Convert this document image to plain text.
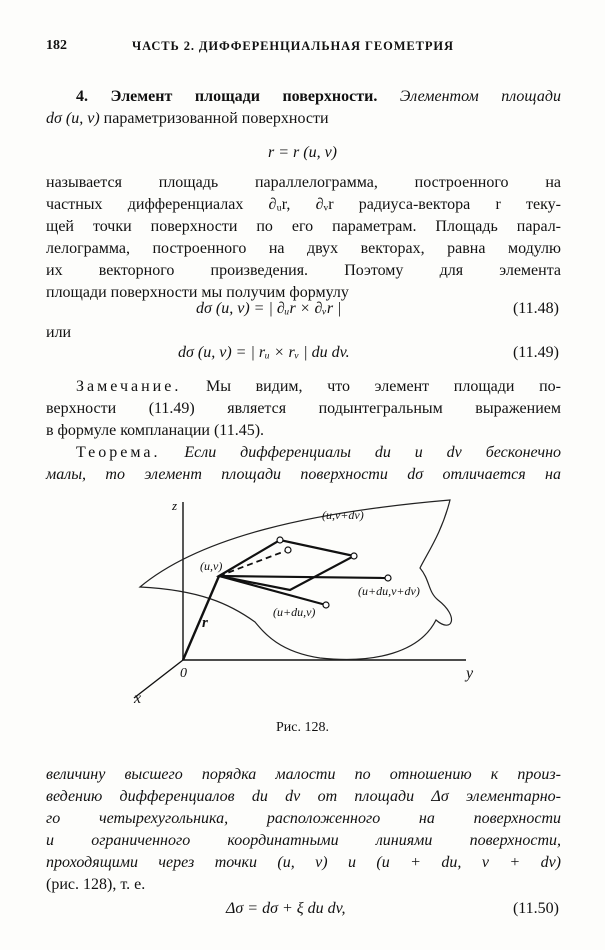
182	ЧАСТЬ 2. ДИФФЕРЕНЦИАЛЬНАЯ ГЕОМЕТРИЯ
4. Элемент площади поверхности. Элементом площади
dσ (u, v) параметризованной поверхности
r = r (u, v)
называется площадь параллелограмма, построенного на
частных дифференциалах ∂ᵤr, ∂ᵥr радиуса-вектора r теку-
щей точки поверхности по его параметрам. Площадь парал-
лелограмма, построенного на двух векторах, равна модулю
их векторного произведения. Поэтому для элемента
площади поверхности мы получим формулу
dσ (u, v) = | ∂ᵤr × ∂ᵥr |	(11.48)
или
dσ (u, v) = | rᵤ × rᵥ | du dv.	(11.49)
Замечание. Мы видим, что элемент площади по-
верхности (11.49) является подынтегральным выражением
в формуле компланации (11.45).
Теорема. Если дифференциалы du и dv бесконечно
малы, то элемент площади поверхности dσ отличается на
z
y
x
0
r
(u,v)
(u,v+dv)
(u+du,v+dv)
(u+du,v)
Рис. 128.
величину высшего порядка малости по отношению к произ-
ведению дифференциалов du dv от площади Δσ элементарно-
го четырехугольника, расположенного на поверхности
и ограниченного координатными линиями поверхности,
проходящими через точки (u, v) и (u + du, v + dv)
(рис. 128), т. е.
Δσ = dσ + ξ du dv,	(11.50)
